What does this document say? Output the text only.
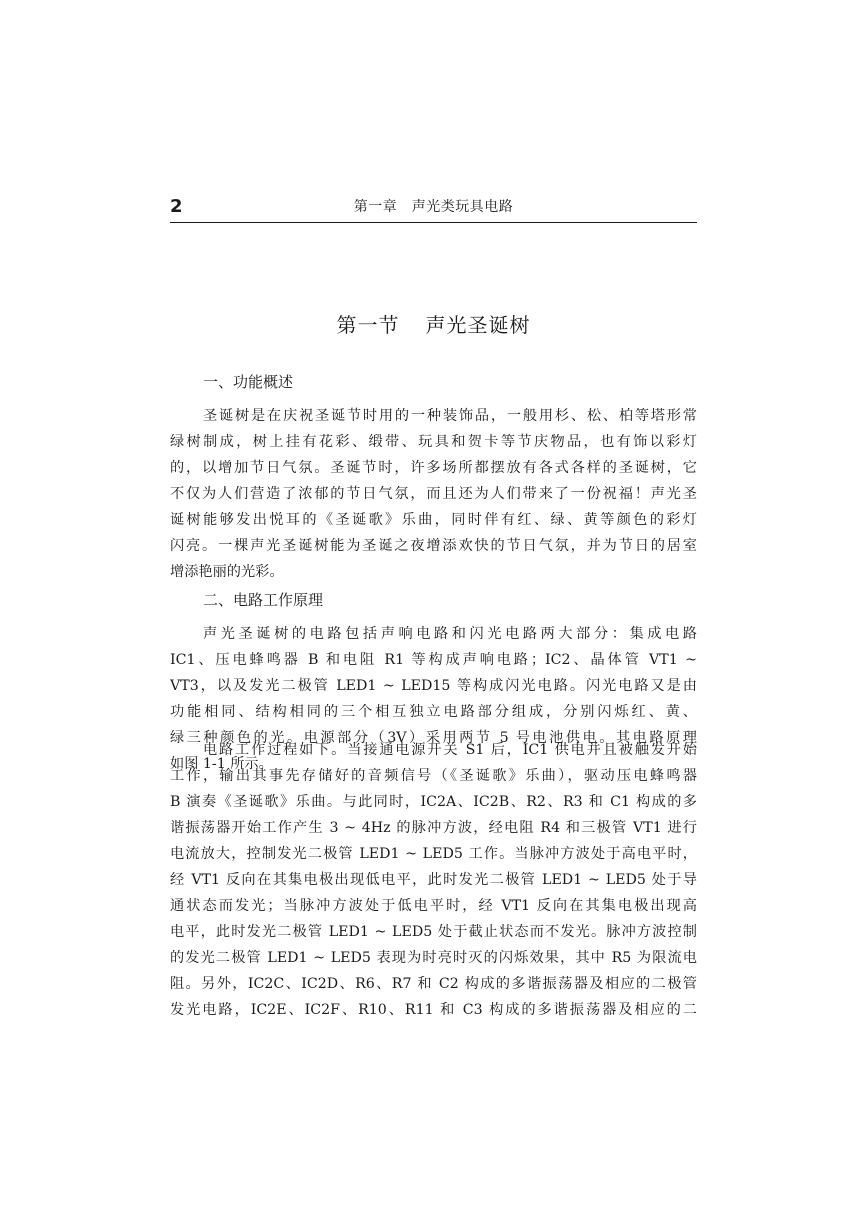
2	第一章　声光类玩具电路
第一节 声光圣诞树
一、功能概述
圣诞树是在庆祝圣诞节时用的一种装饰品，一般用杉、松、柏等塔形常
绿树制成，树上挂有花彩、缎带、玩具和贺卡等节庆物品，也有饰以彩灯
的，以增加节日气氛。圣诞节时，许多场所都摆放有各式各样的圣诞树，它
不仅为人们营造了浓郁的节日气氛，而且还为人们带来了一份祝福！声光圣
诞树能够发出悦耳的《圣诞歌》乐曲，同时伴有红、绿、黄等颜色的彩灯
闪亮。一棵声光圣诞树能为圣诞之夜增添欢快的节日气氛，并为节日的居室
增添艳丽的光彩。
二、电路工作原理
声光圣诞树的电路包括声响电路和闪光电路两大部分：集成电路
IC1、压电蜂鸣器 B 和电阻 R1 等构成声响电路；IC2、晶体管 VT1 ~
VT3，以及发光二极管 LED1 ~ LED15 等构成闪光电路。闪光电路又是由
功能相同、结构相同的三个相互独立电路部分组成，分别闪烁红、黄、
绿三种颜色的光。电源部分（3V）采用两节 5 号电池供电。其电路原理
如图 1-1 所示。
电路工作过程如下。当接通电源开关 S1 后，IC1 供电并且被触发开始
工作，输出其事先存储好的音频信号（《圣诞歌》乐曲），驱动压电蜂鸣器
B 演奏《圣诞歌》乐曲。与此同时，IC2A、IC2B、R2、R3 和 C1 构成的多
谐振荡器开始工作产生 3 ~ 4Hz 的脉冲方波，经电阻 R4 和三极管 VT1 进行
电流放大，控制发光二极管 LED1 ~ LED5 工作。当脉冲方波处于高电平时，
经 VT1 反向在其集电极出现低电平，此时发光二极管 LED1 ~ LED5 处于导
通状态而发光；当脉冲方波处于低电平时，经 VT1 反向在其集电极出现高
电平，此时发光二极管 LED1 ~ LED5 处于截止状态而不发光。脉冲方波控制
的发光二极管 LED1 ~ LED5 表现为时亮时灭的闪烁效果，其中 R5 为限流电
阻。另外，IC2C、IC2D、R6、R7 和 C2 构成的多谐振荡器及相应的二极管
发光电路，IC2E、IC2F、R10、R11 和 C3 构成的多谐振荡器及相应的二
